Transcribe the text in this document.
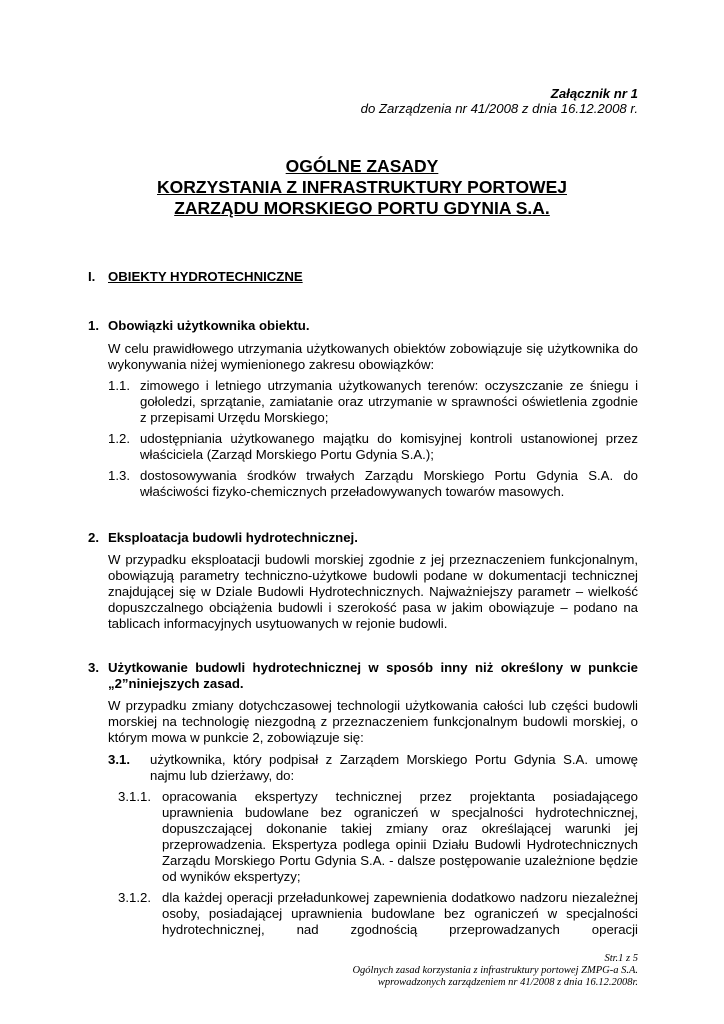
Załącznik nr 1
do Zarządzenia nr 41/2008 z dnia 16.12.2008 r.
OGÓLNE ZASADY
KORZYSTANIA Z INFRASTRUKTURY PORTOWEJ
ZARZĄDU MORSKIEGO PORTU GDYNIA S.A.
I. OBIEKTY HYDROTECHNICZNE
1. Obowiązki użytkownika obiektu.
W celu prawidłowego utrzymania użytkowanych obiektów zobowiązuje się użytkownika do wykonywania niżej wymienionego zakresu obowiązków:
1.1. zimowego i letniego utrzymania użytkowanych terenów: oczyszczanie ze śniegu i gołoledzi, sprzątanie, zamiatanie oraz utrzymanie w sprawności oświetlenia zgodnie z przepisami Urzędu Morskiego;
1.2. udostępniania użytkowanego majątku do komisyjnej kontroli ustanowionej przez właściciela (Zarząd Morskiego Portu Gdynia S.A.);
1.3. dostosowywania środków trwałych Zarządu Morskiego Portu Gdynia S.A. do właściwości fizyko-chemicznych przeładowywanych towarów masowych.
2. Eksploatacja budowli hydrotechnicznej.
W przypadku eksploatacji budowli morskiej zgodnie z jej przeznaczeniem funkcjonalnym, obowiązują parametry techniczno-użytkowe budowli podane w dokumentacji technicznej znajdującej się w Dziale Budowli Hydrotechnicznych. Najważniejszy parametr – wielkość dopuszczalnego obciążenia budowli i szerokość pasa w jakim obowiązuje – podano na tablicach informacyjnych usytuowanych w rejonie budowli.
3. Użytkowanie budowli hydrotechnicznej w sposób inny niż określony w punkcie „2”niniejszych zasad.
W przypadku zmiany dotychczasowej technologii użytkowania całości lub części budowli morskiej na technologię niezgodną z przeznaczeniem funkcjonalnym budowli morskiej, o którym mowa w punkcie 2, zobowiązuje się:
3.1. użytkownika, który podpisał z Zarządem Morskiego Portu Gdynia S.A. umowę najmu lub dzierżawy, do:
3.1.1. opracowania ekspertyzy technicznej przez projektanta posiadającego uprawnienia budowlane bez ograniczeń w specjalności hydrotechnicznej, dopuszczającej dokonanie takiej zmiany oraz określającej warunki jej przeprowadzenia. Ekspertyza podlega opinii Działu Budowli Hydrotechnicznych Zarządu Morskiego Portu Gdynia S.A. - dalsze postępowanie uzależnione będzie od wyników ekspertyzy;
3.1.2. dla każdej operacji przeładunkowej zapewnienia dodatkowo nadzoru niezależnej osoby, posiadającej uprawnienia budowlane bez ograniczeń w specjalności hydrotechnicznej, nad zgodnością przeprowadzanych operacji
Str.1 z 5
Ogólnych zasad korzystania z infrastruktury portowej ZMPG-a S.A.
wprowadzonych zarządzeniem nr 41/2008 z dnia 16.12.2008r.
